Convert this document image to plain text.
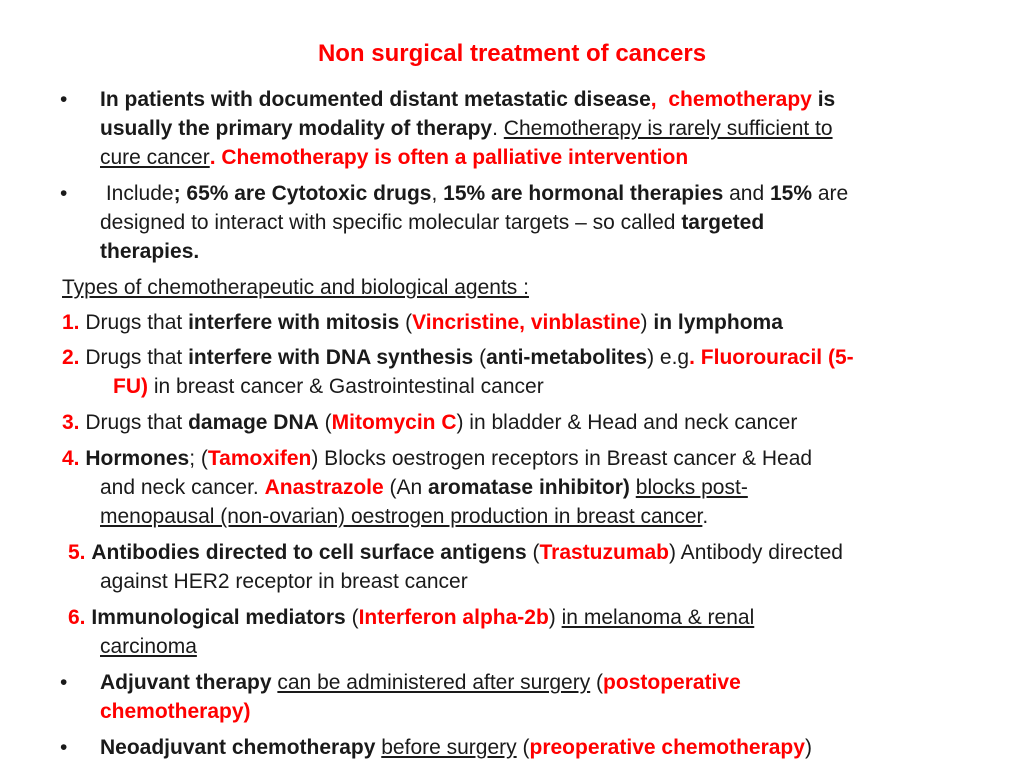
Non surgical treatment of cancers
• In patients with documented distant metastatic disease, chemotherapy is
usually the primary modality of therapy. Chemotherapy is rarely sufficient to
cure cancer. Chemotherapy is often a palliative intervention
• Include; 65% are Cytotoxic drugs, 15% are hormonal therapies and 15% are
designed to interact with specific molecular targets – so called targeted
therapies.
Types of chemotherapeutic and biological agents :
1. Drugs that interfere with mitosis (Vincristine, vinblastine) in lymphoma
2. Drugs that interfere with DNA synthesis (anti-metabolites) e.g. Fluorouracil (5-
FU) in breast cancer & Gastrointestinal cancer
3. Drugs that damage DNA (Mitomycin C) in bladder & Head and neck cancer
4. Hormones; (Tamoxifen) Blocks oestrogen receptors in Breast cancer & Head
and neck cancer. Anastrazole (An aromatase inhibitor) blocks post-
menopausal (non-ovarian) oestrogen production in breast cancer.
5. Antibodies directed to cell surface antigens (Trastuzumab) Antibody directed
against HER2 receptor in breast cancer
6. Immunological mediators (Interferon alpha-2b) in melanoma & renal
carcinoma
• Adjuvant therapy can be administered after surgery (postoperative
chemotherapy)
• Neoadjuvant chemotherapy before surgery (preoperative chemotherapy)
